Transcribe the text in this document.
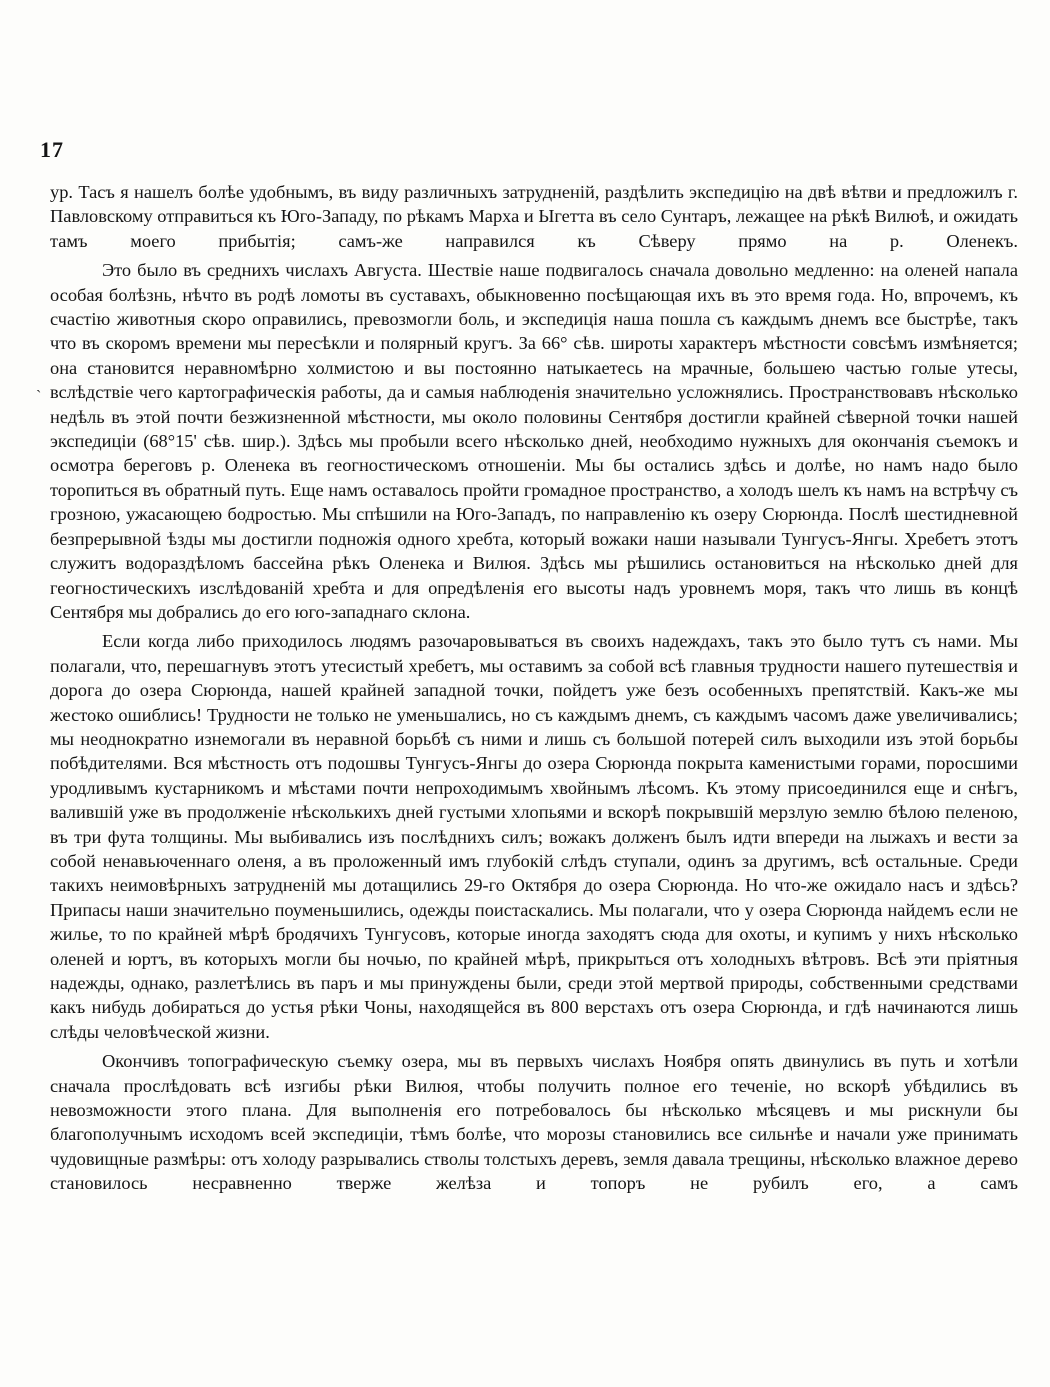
17
ˏ

ур. Тасъ я нашелъ болѣе удобнымъ, въ виду различныхъ затрудненій, раздѣлить экспедицію на двѣ вѣтви и предложилъ г. Павловскому отправиться къ Юго-Западу, по рѣкамъ Марха и Ыгетта въ село Сунтаръ, лежащее на рѣкѣ Вилюѣ, и ожидать тамъ моего прибытія; самъ-же направился къ Сѣверу прямо на р. Оленекъ.

Это было въ среднихъ числахъ Августа. Шествіе наше подвигалось сначала довольно медленно: на оленей напала особая болѣзнь, нѣчто въ родѣ ломоты въ суставахъ, обыкновенно посѣщающая ихъ въ это время года. Но, впрочемъ, къ счастію животныя скоро оправились, превозмогли боль, и экспедиція наша пошла съ каждымъ днемъ все быстрѣе, такъ что въ скоромъ времени мы пересѣкли и полярный кругъ. За 66° сѣв. широты характеръ мѣстности совсѣмъ измѣняется; она становится неравномѣрно холмистою и вы постоянно натыкаетесь на мрачные, большею частью голые утесы, вслѣдствіе чего картографическія работы, да и самыя наблюденія значительно усложнялись. Пространствовавъ нѣсколько недѣль въ этой почти безжизненной мѣстности, мы около половины Сентября достигли крайней сѣверной точки нашей экспедиціи (68°15' сѣв. шир.). Здѣсь мы пробыли всего нѣсколько дней, необходимо нужныхъ для окончанія съемокъ и осмотра береговъ р. Оленека въ геогностическомъ отношеніи. Мы бы остались здѣсь и долѣе, но намъ надо было торопиться въ обратный путь. Еще намъ оставалось пройти громадное пространство, а холодъ шелъ къ намъ на встрѣчу съ грозною, ужасающею бодростью. Мы спѣшили на Юго-Западъ, по направленію къ озеру Сюрюнда. Послѣ шестидневной безпрерывной ѣзды мы достигли подножія одного хребта, который вожаки наши называли Тунгусъ-Янгы. Хребетъ этотъ служитъ водораздѣломъ бассейна рѣкъ Оленека и Вилюя. Здѣсь мы рѣшились остановиться на нѣсколько дней для геогностическихъ изслѣдованій хребта и для опредѣленія его высоты надъ уровнемъ моря, такъ что лишь въ концѣ Сентября мы добрались до его юго-западнаго склона.

Если когда либо приходилось людямъ разочаровываться въ своихъ надеждахъ, такъ это было тутъ съ нами. Мы полагали, что, перешагнувъ этотъ утесистый хребетъ, мы оставимъ за собой всѣ главныя трудности нашего путешествія и дорога до озера Сюрюнда, нашей крайней западной точки, пойдетъ уже безъ особенныхъ препятствій. Какъ-же мы жестоко ошиблись! Трудности не только не уменьшались, но съ каждымъ днемъ, съ каждымъ часомъ даже увеличивались; мы неоднократно изнемогали въ неравной борьбѣ съ ними и лишь съ большой потерей силъ выходили изъ этой борьбы побѣдителями. Вся мѣстность отъ подошвы Тунгусъ-Янгы до озера Сюрюнда покрыта каменистыми горами, поросшими уродливымъ кустарникомъ и мѣстами почти непроходимымъ хвойнымъ лѣсомъ. Къ этому присоединился еще и снѣгъ, валившій уже въ продолженіе нѣсколькихъ дней густыми хлопьями и вскорѣ покрывшій мерзлую землю бѣлою пеленою, въ три фута толщины. Мы выбивались изъ послѣднихъ силъ; вожакъ долженъ былъ идти впереди на лыжахъ и вести за собой ненавьюченнаго оленя, а въ проложенный имъ глубокій слѣдъ ступали, одинъ за другимъ, всѣ остальные. Среди такихъ неимовѣрныхъ затрудненій мы дотащились 29-го Октября до озера Сюрюнда. Но что-же ожидало насъ и здѣсь? Припасы наши значительно поуменьшились, одежды поистаскались. Мы полагали, что у озера Сюрюнда найдемъ если не жилье, то по крайней мѣрѣ бродячихъ Тунгусовъ, которые иногда заходятъ сюда для охоты, и купимъ у нихъ нѣсколько оленей и юртъ, въ которыхъ могли бы ночью, по крайней мѣрѣ, прикрыться отъ холодныхъ вѣтровъ. Всѣ эти пріятныя надежды, однако, разлетѣлись въ паръ и мы принуждены были, среди этой мертвой природы, собственными средствами какъ нибудь добираться до устья рѣки Чоны, находящейся въ 800 верстахъ отъ озера Сюрюнда, и гдѣ начинаются лишь слѣды человѣческой жизни.

Окончивъ топографическую съемку озера, мы въ первыхъ числахъ Ноября опять двинулись въ путь и хотѣли сначала прослѣдовать всѣ изгибы рѣки Вилюя, чтобы получить полное его теченіе, но вскорѣ убѣдились въ невозможности этого плана. Для выполненія его потребовалось бы нѣсколько мѣсяцевъ и мы рискнули бы благополучнымъ исходомъ всей экспедиціи, тѣмъ болѣе, что морозы становились все сильнѣе и начали уже принимать чудовищные размѣры: отъ холоду разрывались стволы толстыхъ деревъ, земля давала трещины, нѣсколько влажное дерево становилось несравненно тверже желѣза и топоръ не рубилъ его, а самъ
